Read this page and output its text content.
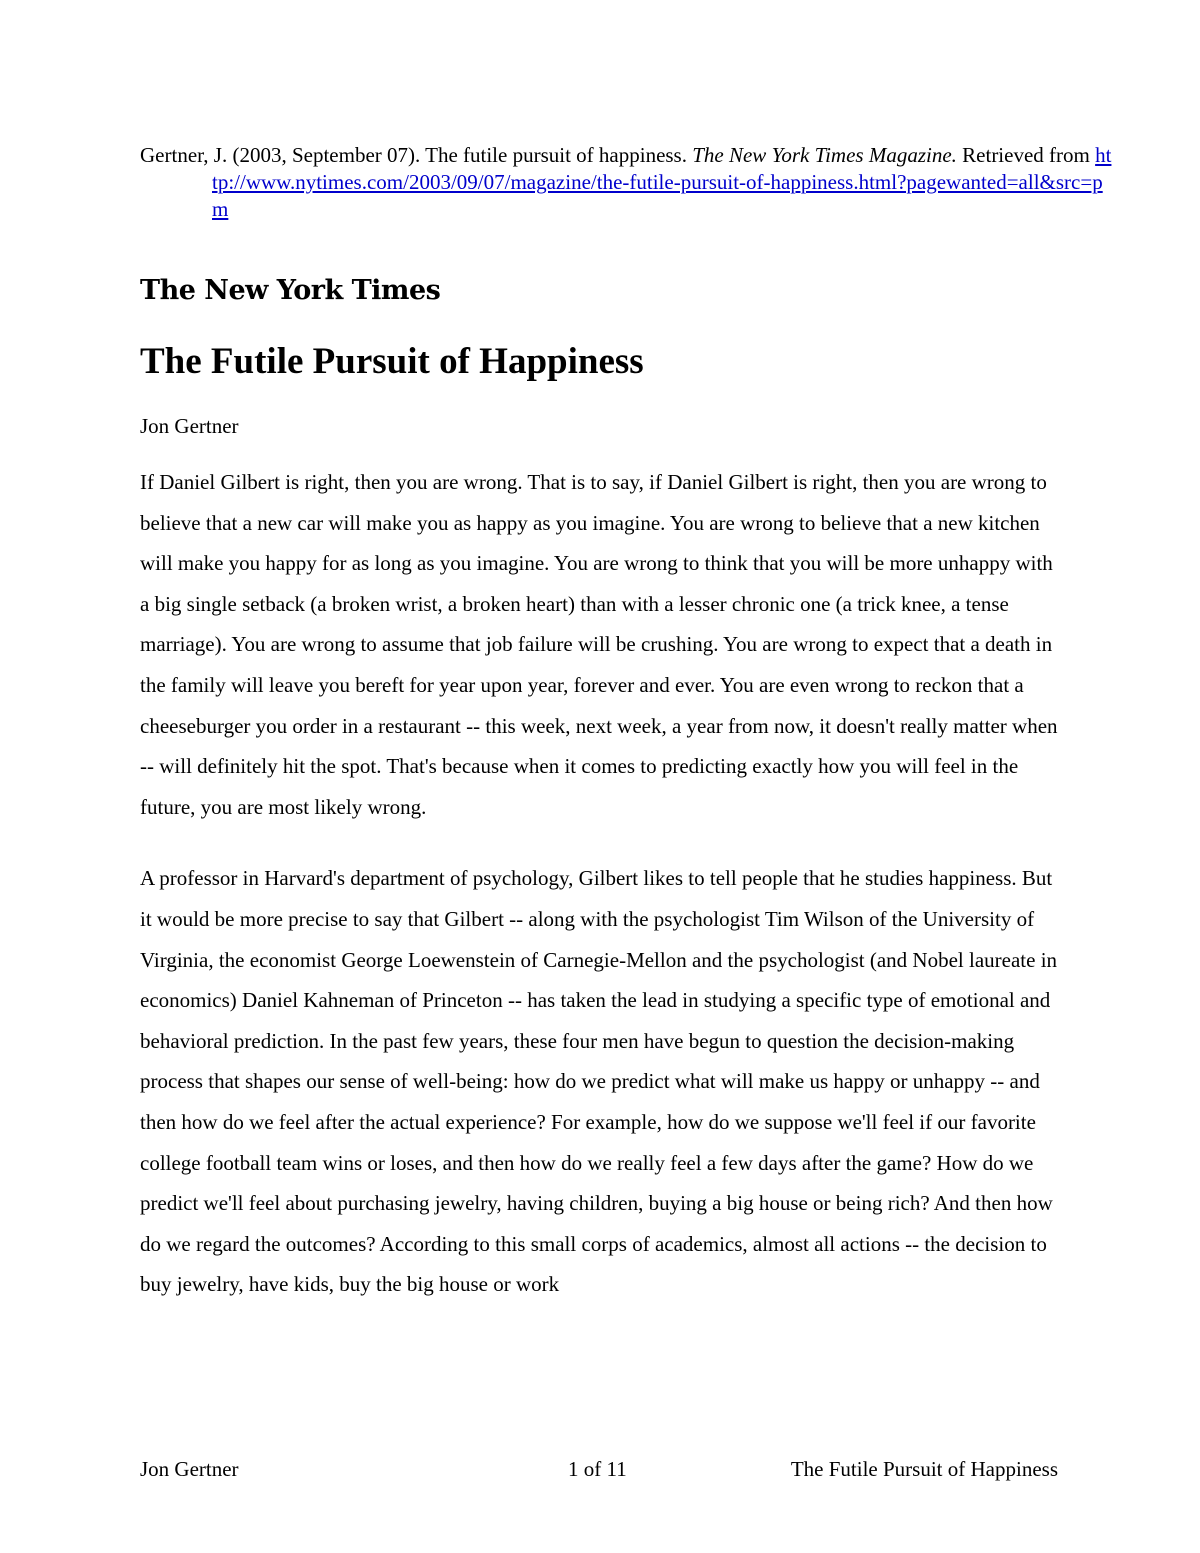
Gertner, J. (2003, September 07). The futile pursuit of happiness. The New York Times Magazine. Retrieved from http://www.nytimes.com/2003/09/07/magazine/the-futile-pursuit-of-happiness.html?pagewanted=all&src=pm
The New York Times
The Futile Pursuit of Happiness
Jon Gertner

If Daniel Gilbert is right, then you are wrong. That is to say, if Daniel Gilbert is right, then you are wrong to believe that a new car will make you as happy as you imagine. You are wrong to believe that a new kitchen will make you happy for as long as you imagine. You are wrong to think that you will be more unhappy with a big single setback (a broken wrist, a broken heart) than with a lesser chronic one (a trick knee, a tense marriage). You are wrong to assume that job failure will be crushing. You are wrong to expect that a death in the family will leave you bereft for year upon year, forever and ever. You are even wrong to reckon that a cheeseburger you order in a restaurant -- this week, next week, a year from now, it doesn't really matter when -- will definitely hit the spot. That's because when it comes to predicting exactly how you will feel in the future, you are most likely wrong.

A professor in Harvard's department of psychology, Gilbert likes to tell people that he studies happiness. But it would be more precise to say that Gilbert -- along with the psychologist Tim Wilson of the University of Virginia, the economist George Loewenstein of Carnegie-Mellon and the psychologist (and Nobel laureate in economics) Daniel Kahneman of Princeton -- has taken the lead in studying a specific type of emotional and behavioral prediction. In the past few years, these four men have begun to question the decision-making process that shapes our sense of well-being: how do we predict what will make us happy or unhappy -- and then how do we feel after the actual experience? For example, how do we suppose we'll feel if our favorite college football team wins or loses, and then how do we really feel a few days after the game? How do we predict we'll feel about purchasing jewelry, having children, buying a big house or being rich? And then how do we regard the outcomes? According to this small corps of academics, almost all actions -- the decision to buy jewelry, have kids, buy the big house or work

Jon Gertner	1 of 11	The Futile Pursuit of Happiness
